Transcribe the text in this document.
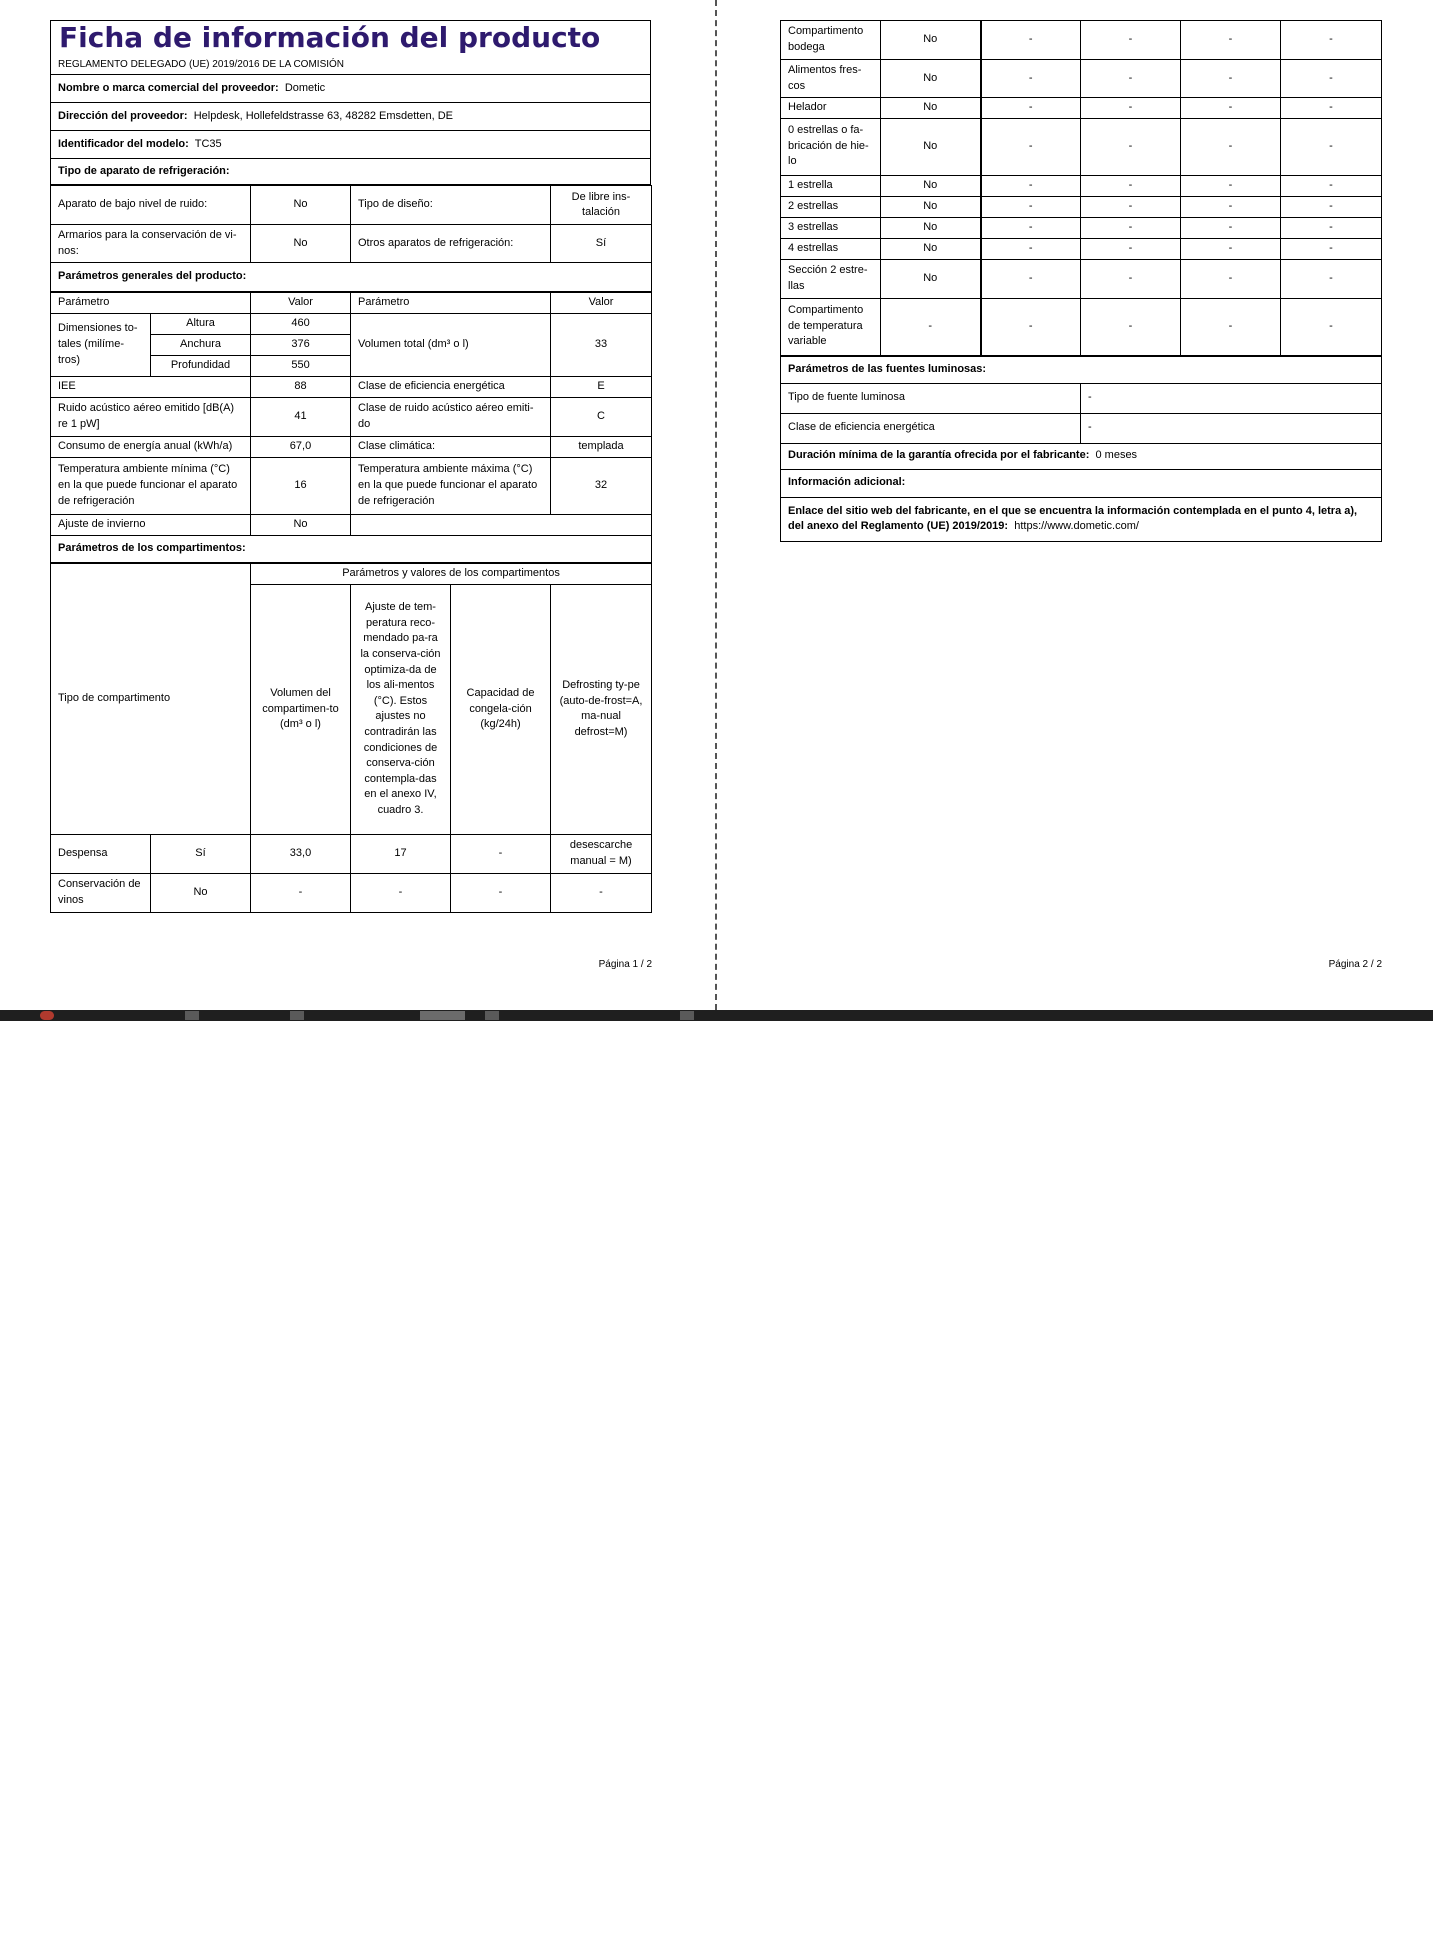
Ficha de información del producto
REGLAMENTO DELEGADO (UE) 2019/2016 DE LA COMISIÓN
Nombre o marca comercial del proveedor: Dometic
Dirección del proveedor: Helpdesk, Hollefeldstrasse 63, 48282 Emsdetten, DE
Identificador del modelo: TC35
Tipo de aparato de refrigeración:
Aparato de bajo nivel de ruido:	No	Tipo de diseño:	De libre ins-talación
Armarios para la conservación de vi-nos:	No	Otros aparatos de refrigeración:	Sí
Parámetros generales del producto:			
Parámetro		Valor	Parámetro	Valor
Dimensiones to-tales (milíme-tros)	Altura	460	Volumen total (dm³ o l)	33
	Anchura	376		
	Profundidad	550		
IEE		88	Clase de eficiencia energética	E
Ruido acústico aéreo emitido [dB(A) re 1 pW]		41	Clase de ruido acústico aéreo emiti-do	C
Consumo de energía anual (kWh/a)		67,0	Clase climática:	templada
Temperatura ambiente mínima (°C) en la que puede funcionar el aparato de refrigeración		16	Temperatura ambiente máxima (°C) en la que puede funcionar el aparato de refrigeración	32
Ajuste de invierno		No		
Parámetros de los compartimentos:				
Tipo de compartimento		Parámetros y valores de los compartimentos			
		Volumen del compartimen-to (dm³ o l)	Ajuste de tem-peratura reco-mendado pa-ra la conserva-ción optimiza-da de los ali-mentos (°C). Estos ajustes no contradirán las condiciones de conserva-ción contempla-das en el anexo IV, cuadro 3.	Capacidad de congela-ción (kg/24h)	Defrosting ty-pe (auto-de-frost=A, ma-nual defrost=M)
Despensa	Sí	33,0	17	-	desescarche manual = M)
Conservación de vinos	No	-	-	-	-
Página 1 / 2
Compartimento bodega	No	-	-	-	-
Alimentos fres-cos	No	-	-	-	-
Helador	No	-	-	-	-
0 estrellas o fa-bricación de hie-lo	No	-	-	-	-
1 estrella	No	-	-	-	-
2 estrellas	No	-	-	-	-
3 estrellas	No	-	-	-	-
4 estrellas	No	-	-	-	-
Sección 2 estre-llas	No	-	-	-	-
Compartimento de temperatura variable	-	-	-	-	-
Parámetros de las fuentes luminosas:	
Tipo de fuente luminosa	-
Clase de eficiencia energética	-
Duración mínima de la garantía ofrecida por el fabricante: 0 meses	
Información adicional:	
Enlace del sitio web del fabricante, en el que se encuentra la información contemplada en el punto 4, letra a), del anexo del Reglamento (UE) 2019/2019: https://www.dometic.com/	
Página 2 / 2
